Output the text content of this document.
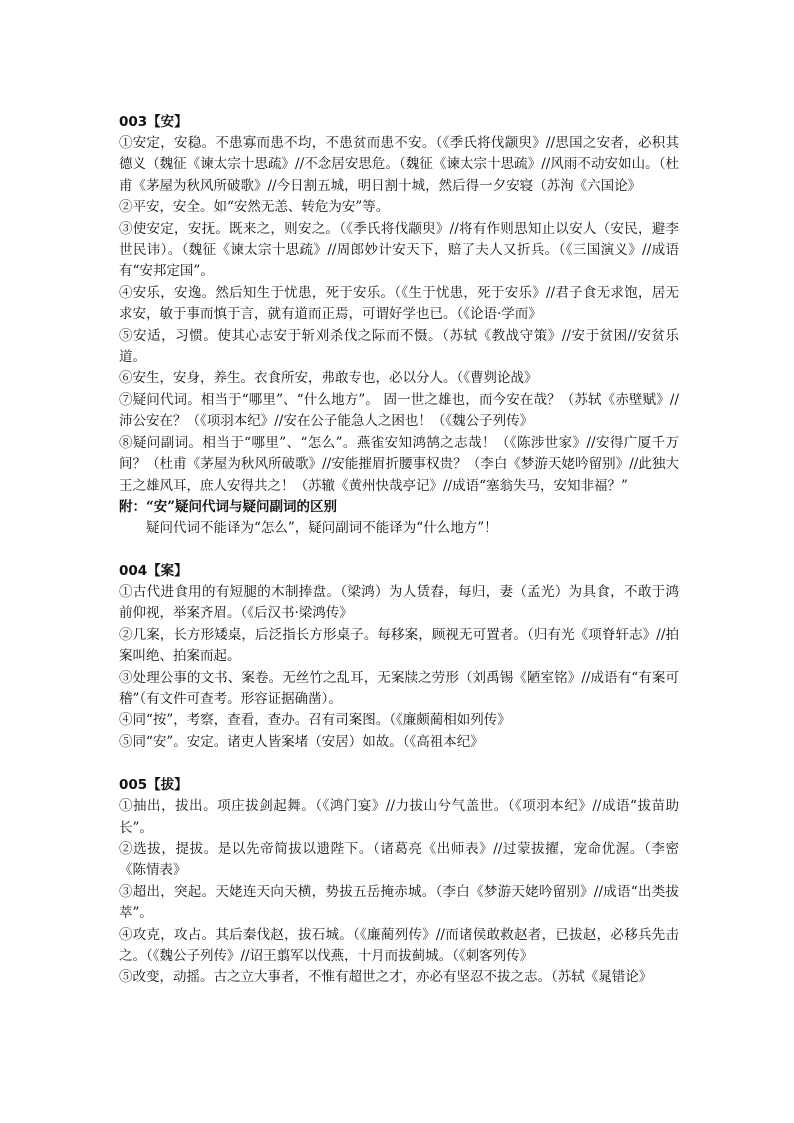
003【安】

①安定，安稳。不患寡而患不均，不患贫而患不安。（《季氏将伐颛臾》//思国之安者，必积其德义（魏征《谏太宗十思疏》//不念居安思危。（魏征《谏太宗十思疏》//风雨不动安如山。（杜甫《茅屋为秋风所破歌》//今日割五城，明日割十城，然后得一夕安寝（苏洵《六国论》

②平安，安全。如“安然无恙、转危为安”等。

③使安定，安抚。既来之，则安之。（《季氏将伐颛臾》//将有作则思知止以安人（安民，避李世民讳）。（魏征《谏太宗十思疏》//周郎妙计安天下，赔了夫人又折兵。（《三国演义》//成语有“安邦定国”。

④安乐，安逸。然后知生于忧患，死于安乐。（《生于忧患，死于安乐》//君子食无求饱，居无求安，敏于事而慎于言，就有道而正焉，可谓好学也已。（《论语·学而》

⑤安适，习惯。使其心志安于斩刈杀伐之际而不慑。（苏轼《教战守策》//安于贫困//安贫乐道。

⑥安生，安身，养生。衣食所安，弗敢专也，必以分人。（《曹刿论战》

⑦疑问代词。相当于“哪里”、“什么地方”。 固一世之雄也，而今安在哉？（苏轼《赤壁赋》//沛公安在？（《项羽本纪》//安在公子能急人之困也！（《魏公子列传》

⑧疑问副词。相当于“哪里”、“怎么”。燕雀安知鸿鹄之志哉！（《陈涉世家》//安得广厦千万间？（杜甫《茅屋为秋风所破歌》//安能摧眉折腰事权贵？（李白《梦游天姥吟留别》//此独大王之雄风耳，庶人安得共之！（苏辙《黄州快哉亭记》//成语“塞翁失马，安知非福？”

附：“安”疑问代词与疑问副词的区别

疑问代词不能译为“怎么”，疑问副词不能译为“什么地方”！

004【案】

①古代进食用的有短腿的木制捧盘。（梁鸿）为人赁舂，每归，妻（孟光）为具食，不敢于鸿前仰视，举案齐眉。（《后汉书·梁鸿传》

②几案，长方形矮桌，后泛指长方形桌子。每移案，顾视无可置者。（归有光《项脊轩志》//拍案叫绝、拍案而起。

③处理公事的文书、案卷。无丝竹之乱耳，无案牍之劳形（刘禹锡《陋室铭》//成语有“有案可稽”（有文件可查考。形容证据确凿）。

④同“按”，考察，查看，查办。召有司案图。（《廉颇蔺相如列传》

⑤同“安”。安定。诸吏人皆案堵（安居）如故。（《高祖本纪》

005【拔】

①抽出，拔出。项庄拔剑起舞。（《鸿门宴》//力拔山兮气盖世。（《项羽本纪》//成语“拔苗助长”。

②选拔，提拔。是以先帝简拔以遗陛下。（诸葛亮《出师表》//过蒙拔擢，宠命优渥。（李密《陈情表》

③超出，突起。天姥连天向天横，势拔五岳掩赤城。（李白《梦游天姥吟留别》//成语“出类拔萃”。

④攻克，攻占。其后秦伐赵，拔石城。（《廉蔺列传》//而诸侯敢救赵者，已拔赵，必移兵先击之。（《魏公子列传》//诏王翦军以伐燕，十月而拔蓟城。（《刺客列传》

⑤改变，动摇。古之立大事者，不惟有超世之才，亦必有坚忍不拔之志。（苏轼《晁错论》
